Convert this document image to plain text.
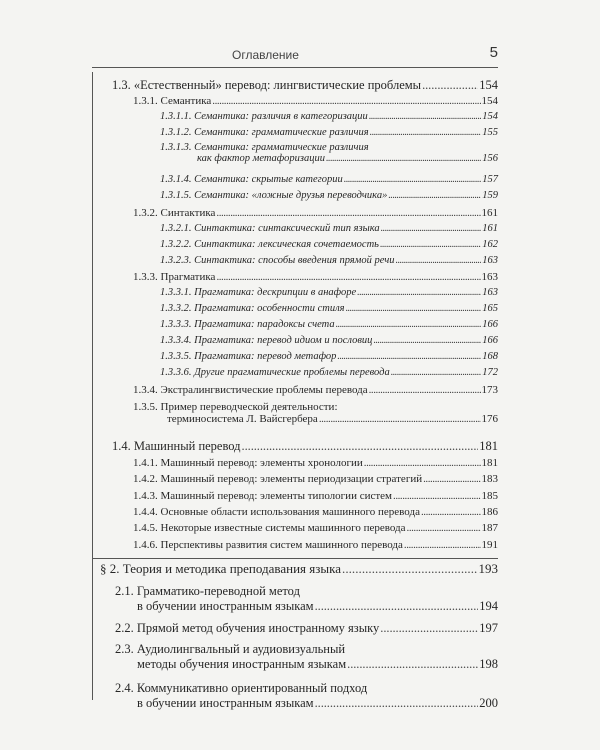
Оглавление	5
1.3. «Естественный» перевод: лингвистические проблемы . . .	154
1.3.1. Семантика . . .	154
1.3.1.1. Семантика: различия в категоризации . . .	154
1.3.1.2. Семантика: грамматические различия . . .	155
1.3.1.3. Семантика: грамматические различия
как фактор метафоризации . . .	156
1.3.1.4. Семантика: скрытые категории . . .	157
1.3.1.5. Семантика: «ложные друзья переводчика» . . .	159
1.3.2. Синтактика . . .	161
1.3.2.1. Синтактика: синтаксический тип языка . . .	161
1.3.2.2. Синтактика: лексическая сочетаемость . . .	162
1.3.2.3. Синтактика: способы введения прямой речи . . .	163
1.3.3. Прагматика . . .	163
1.3.3.1. Прагматика: дескрипции в анафоре . . .	163
1.3.3.2. Прагматика: особенности стиля . . .	165
1.3.3.3. Прагматика: парадоксы счета . . .	166
1.3.3.4. Прагматика: перевод идиом и пословиц . . .	166
1.3.3.5. Прагматика: перевод метафор . . .	168
1.3.3.6. Другие прагматические проблемы перевода . . .	172
1.3.4. Экстралингвистические проблемы перевода . . .	173
1.3.5. Пример переводческой деятельности:
терминосистема Л. Вайсгербера . . .	176
1.4. Машинный перевод . . .	181
1.4.1. Машинный перевод: элементы хронологии . . .	181
1.4.2. Машинный перевод: элементы периодизации стратегий . . .	183
1.4.3. Машинный перевод: элементы типологии систем . . .	185
1.4.4. Основные области использования машинного перевода . . .	186
1.4.5. Некоторые известные системы машинного перевода . . .	187
1.4.6. Перспективы развития систем машинного перевода . . .	191
§ 2. Теория и методика преподавания языка . . .	193
2.1. Грамматико-переводной метод
в обучении иностранным языкам . . .	194
2.2. Прямой метод обучения иностранному языку . . .	197
2.3. Аудиолингвальный и аудиовизуальный
методы обучения иностранным языкам . . .	198
2.4. Коммуникативно ориентированный подход
в обучении иностранным языкам . . .	200
